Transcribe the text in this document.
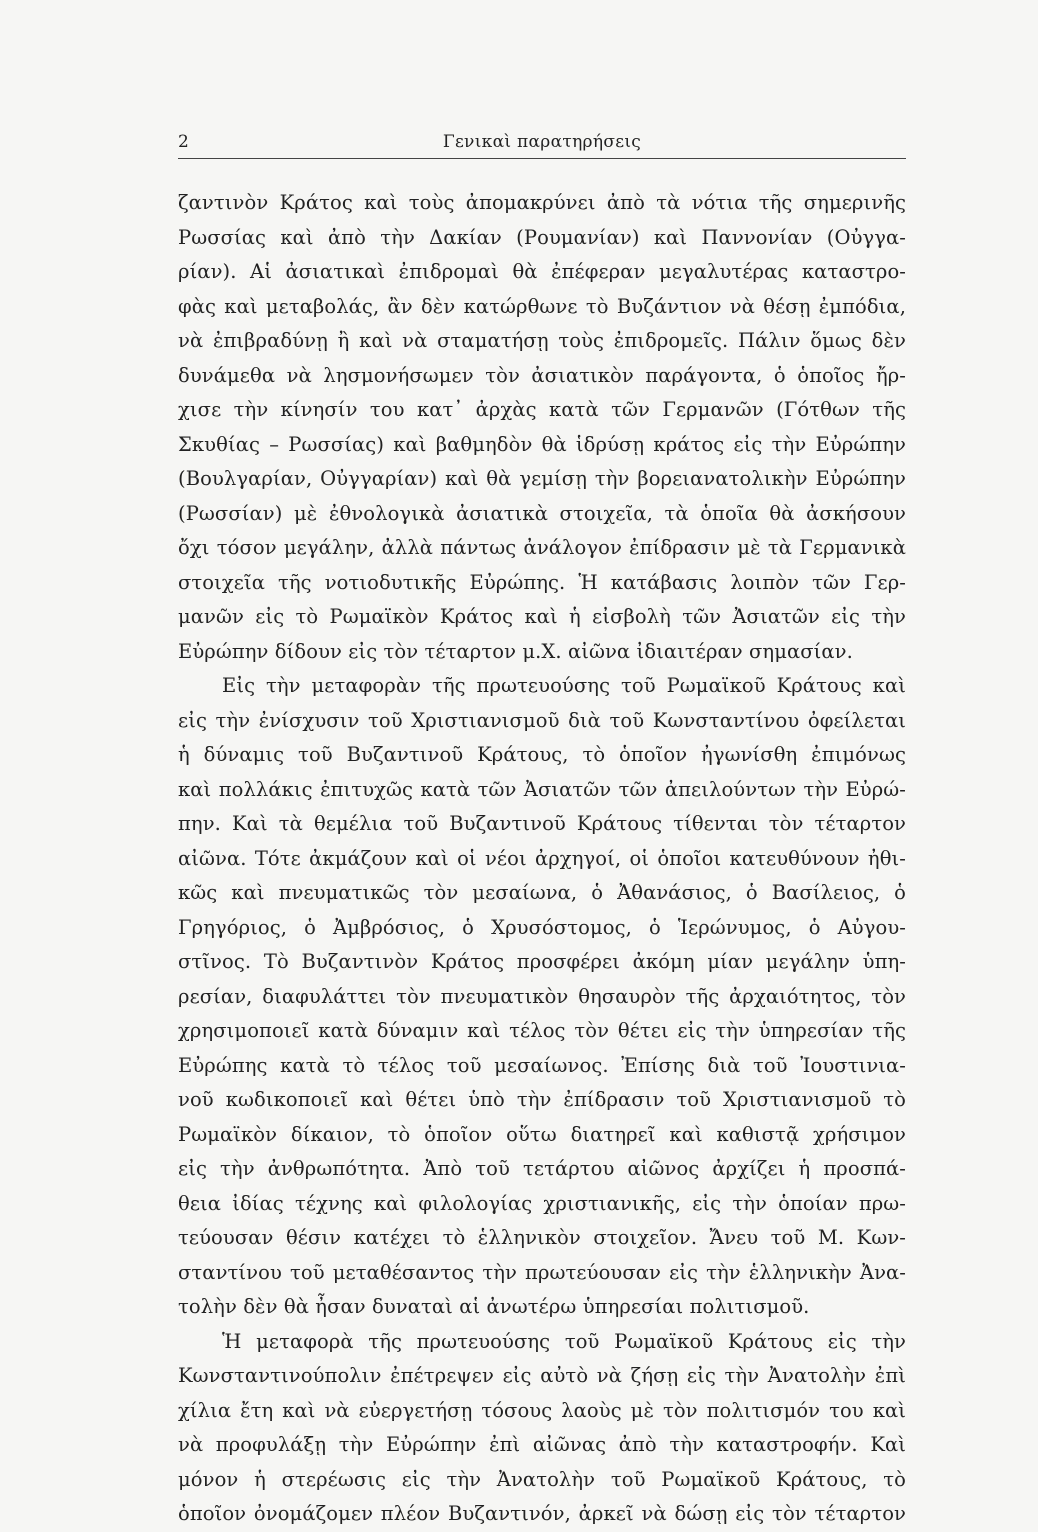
2	Γενικαὶ παρατηρήσεις
ζαντινὸν Κράτος καὶ τοὺς ἀπομακρύνει ἀπὸ τὰ νότια τῆς σημερινῆς
Ρωσσίας καὶ ἀπὸ τὴν Δακίαν (Ρουμανίαν) καὶ Παννονίαν (Οὐγγα-
ρίαν). Αἱ ἀσιατικαὶ ἐπιδρομαὶ θὰ ἐπέφεραν μεγαλυτέρας καταστρο-
φὰς καὶ μεταβολάς, ἂν δὲν κατώρθωνε τὸ Βυζάντιον νὰ θέσῃ ἐμπόδια,
νὰ ἐπιβραδύνῃ ἢ καὶ νὰ σταματήσῃ τοὺς ἐπιδρομεῖς. Πάλιν ὅμως δὲν
δυνάμεθα νὰ λησμονήσωμεν τὸν ἀσιατικὸν παράγοντα, ὁ ὁποῖος ἤρ-
χισε τὴν κίνησίν του κατ᾽ ἀρχὰς κατὰ τῶν Γερμανῶν (Γότθων τῆς
Σκυθίας – Ρωσσίας) καὶ βαθμηδὸν θὰ ἱδρύσῃ κράτος εἰς τὴν Εὐρώπην
(Βουλγαρίαν, Οὐγγαρίαν) καὶ θὰ γεμίσῃ τὴν βορειανατολικὴν Εὐρώπην
(Ρωσσίαν) μὲ ἐθνολογικὰ ἀσιατικὰ στοιχεῖα, τὰ ὁποῖα θὰ ἀσκήσουν
ὄχι τόσον μεγάλην, ἀλλὰ πάντως ἀνάλογον ἐπίδρασιν μὲ τὰ Γερμανικὰ
στοιχεῖα τῆς νοτιοδυτικῆς Εὐρώπης. Ἡ κατάβασις λοιπὸν τῶν Γερ-
μανῶν εἰς τὸ Ρωμαϊκὸν Κράτος καὶ ἡ εἰσβολὴ τῶν Ἀσιατῶν εἰς τὴν
Εὐρώπην δίδουν εἰς τὸν τέταρτον μ.Χ. αἰῶνα ἰδιαιτέραν σημασίαν.
Εἰς τὴν μεταφορὰν τῆς πρωτευούσης τοῦ Ρωμαϊκοῦ Κράτους καὶ
εἰς τὴν ἐνίσχυσιν τοῦ Χριστιανισμοῦ διὰ τοῦ Κωνσταντίνου ὀφείλεται
ἡ δύναμις τοῦ Βυζαντινοῦ Κράτους, τὸ ὁποῖον ἠγωνίσθη ἐπιμόνως
καὶ πολλάκις ἐπιτυχῶς κατὰ τῶν Ἀσιατῶν τῶν ἀπειλούντων τὴν Εὐρώ-
πην. Καὶ τὰ θεμέλια τοῦ Βυζαντινοῦ Κράτους τίθενται τὸν τέταρτον
αἰῶνα. Τότε ἀκμάζουν καὶ οἱ νέοι ἀρχηγοί, οἱ ὁποῖοι κατευθύνουν ἠθι-
κῶς καὶ πνευματικῶς τὸν μεσαίωνα, ὁ Ἀθανάσιος, ὁ Βασίλειος, ὁ
Γρηγόριος, ὁ Ἀμβρόσιος, ὁ Χρυσόστομος, ὁ Ἱερώνυμος, ὁ Αὐγου-
στῖνος. Τὸ Βυζαντινὸν Κράτος προσφέρει ἀκόμη μίαν μεγάλην ὑπη-
ρεσίαν, διαφυλάττει τὸν πνευματικὸν θησαυρὸν τῆς ἀρχαιότητος, τὸν
χρησιμοποιεῖ κατὰ δύναμιν καὶ τέλος τὸν θέτει εἰς τὴν ὑπηρεσίαν τῆς
Εὐρώπης κατὰ τὸ τέλος τοῦ μεσαίωνος. Ἐπίσης διὰ τοῦ Ἰουστινια-
νοῦ κωδικοποιεῖ καὶ θέτει ὑπὸ τὴν ἐπίδρασιν τοῦ Χριστιανισμοῦ τὸ
Ρωμαϊκὸν δίκαιον, τὸ ὁποῖον οὕτω διατηρεῖ καὶ καθιστᾷ χρήσιμον
εἰς τὴν ἀνθρωπότητα. Ἀπὸ τοῦ τετάρτου αἰῶνος ἀρχίζει ἡ προσπά-
θεια ἰδίας τέχνης καὶ φιλολογίας χριστιανικῆς, εἰς τὴν ὁποίαν πρω-
τεύουσαν θέσιν κατέχει τὸ ἑλληνικὸν στοιχεῖον. Ἄνευ τοῦ Μ. Κων-
σταντίνου τοῦ μεταθέσαντος τὴν πρωτεύουσαν εἰς τὴν ἑλληνικὴν Ἀνα-
τολὴν δὲν θὰ ἦσαν δυναταὶ αἱ ἀνωτέρω ὑπηρεσίαι πολιτισμοῦ.
Ἡ μεταφορὰ τῆς πρωτευούσης τοῦ Ρωμαϊκοῦ Κράτους εἰς τὴν
Κωνσταντινούπολιν ἐπέτρεψεν εἰς αὐτὸ νὰ ζήσῃ εἰς τὴν Ἀνατολὴν ἐπὶ
χίλια ἔτη καὶ νὰ εὐεργετήσῃ τόσους λαοὺς μὲ τὸν πολιτισμόν του καὶ
νὰ προφυλάξῃ τὴν Εὐρώπην ἐπὶ αἰῶνας ἀπὸ τὴν καταστροφήν. Καὶ
μόνον ἡ στερέωσις εἰς τὴν Ἀνατολὴν τοῦ Ρωμαϊκοῦ Κράτους, τὸ
ὁποῖον ὀνομάζομεν πλέον Βυζαντινόν, ἀρκεῖ νὰ δώσῃ εἰς τὸν τέταρτον
